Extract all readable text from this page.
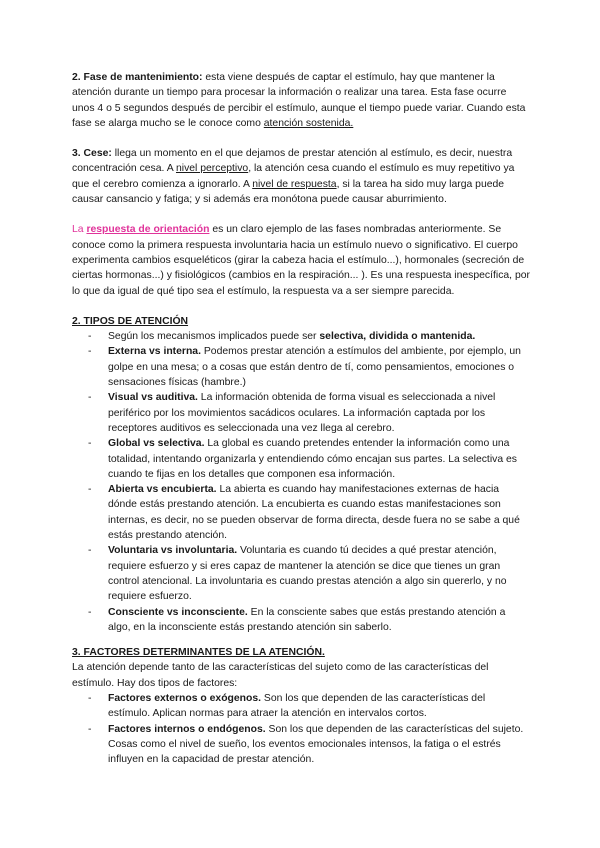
2. Fase de mantenimiento: esta viene después de captar el estímulo, hay que mantener la atención durante un tiempo para procesar la información o realizar una tarea. Esta fase ocurre unos 4 o 5 segundos después de percibir el estímulo, aunque el tiempo puede variar. Cuando esta fase se alarga mucho se le conoce como atención sostenida.

3. Cese: llega un momento en el que dejamos de prestar atención al estímulo, es decir, nuestra concentración cesa. A nivel perceptivo, la atención cesa cuando el estímulo es muy repetitivo ya que el cerebro comienza a ignorarlo. A nivel de respuesta, si la tarea ha sido muy larga puede causar cansancio y fatiga; y si además era monótona puede causar aburrimiento.

La respuesta de orientación es un claro ejemplo de las fases nombradas anteriormente. Se conoce como la primera respuesta involuntaria hacia un estímulo nuevo o significativo. El cuerpo experimenta cambios esqueléticos (girar la cabeza hacia el estímulo...), hormonales (secreción de ciertas hormonas...) y fisiológicos (cambios en la respiración... ). Es una respuesta inespecífica, por lo que da igual de qué tipo sea el estímulo, la respuesta va a ser siempre parecida.

2. TIPOS DE ATENCIÓN
- Según los mecanismos implicados puede ser selectiva, dividida o mantenida.
- Externa vs interna. Podemos prestar atención a estímulos del ambiente, por ejemplo, un golpe en una mesa; o a cosas que están dentro de tí, como pensamientos, emociones o sensaciones físicas (hambre.)
- Visual vs auditiva. La información obtenida de forma visual es seleccionada a nivel periférico por los movimientos sacádicos oculares. La información captada por los receptores auditivos es seleccionada una vez llega al cerebro.
- Global vs selectiva. La global es cuando pretendes entender la información como una totalidad, intentando organizarla y entendiendo cómo encajan sus partes. La selectiva es cuando te fijas en los detalles que componen esa información.
- Abierta vs encubierta. La abierta es cuando hay manifestaciones externas de hacia dónde estás prestando atención. La encubierta es cuando estas manifestaciones son internas, es decir, no se pueden observar de forma directa, desde fuera no se sabe a qué estás prestando atención.
- Voluntaria vs involuntaria. Voluntaria es cuando tú decides a qué prestar atención, requiere esfuerzo y si eres capaz de mantener la atención se dice que tienes un gran control atencional. La involuntaria es cuando prestas atención a algo sin quererlo, y no requiere esfuerzo.
- Consciente vs inconsciente. En la consciente sabes que estás prestando atención a algo, en la inconsciente estás prestando atención sin saberlo.
3. FACTORES DETERMINANTES DE LA ATENCIÓN.

La atención depende tanto de las características del sujeto como de las características del estímulo. Hay dos tipos de factores:

- Factores externos o exógenos. Son los que dependen de las características del estímulo. Aplican normas para atraer la atención en intervalos cortos.
- Factores internos o endógenos. Son los que dependen de las características del sujeto. Cosas como el nivel de sueño, los eventos emocionales intensos, la fatiga o el estrés influyen en la capacidad de prestar atención.
